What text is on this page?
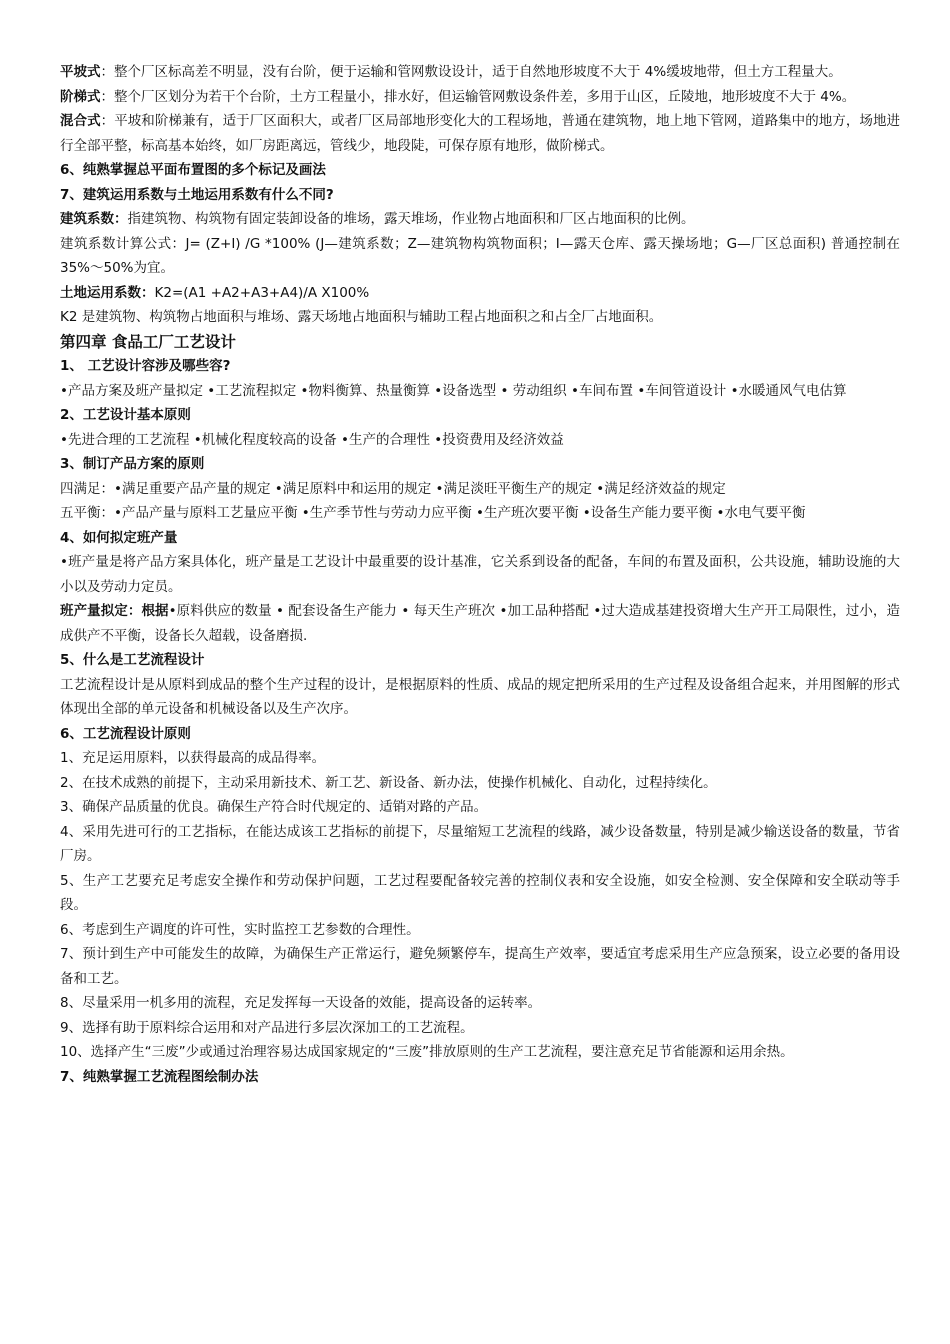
平坡式：整个厂区标高差不明显，没有台阶，便于运输和管网敷设设计，适于自然地形坡度不大于 4%缓坡地带，但土方工程量大。

阶梯式：整个厂区划分为若干个台阶，土方工程量小，排水好，但运输管网敷设条件差，多用于山区，丘陵地，地形坡度不大于 4%。

混合式：平坡和阶梯兼有，适于厂区面积大，或者厂区局部地形变化大的工程场地，普通在建筑物，地上地下管网，道路集中的地方，场地进行全部平整，标高基本始终，如厂房距离远，管线少，地段陡，可保存原有地形，做阶梯式。

6、纯熟掌握总平面布置图的多个标记及画法

7、建筑运用系数与土地运用系数有什么不同?

建筑系数：指建筑物、构筑物有固定装卸设备的堆场，露天堆场，作业物占地面积和厂区占地面积的比例。

建筑系数计算公式：J= (Z+I) /G *100% (J—建筑系数；Z—建筑物构筑物面积；I—露天仓库、露天操场地；G—厂区总面积) 普通控制在 35%～50%为宜。

土地运用系数：K2=(A1 +A2+A3+A4)/A X100%

K2 是建筑物、构筑物占地面积与堆场、露天场地占地面积与辅助工程占地面积之和占全厂占地面积。

第四章 食品工厂工艺设计

1、 工艺设计容涉及哪些容?

•产品方案及班产量拟定 •工艺流程拟定 •物料衡算、热量衡算 •设备选型 • 劳动组织 •车间布置 •车间管道设计 •水暖通风气电估算

2、工艺设计基本原则

•先进合理的工艺流程 •机械化程度较高的设备 •生产的合理性 •投资费用及经济效益

3、制订产品方案的原则

四满足：•满足重要产品产量的规定 •满足原料中和运用的规定 •满足淡旺平衡生产的规定 •满足经济效益的规定

五平衡：•产品产量与原料工艺量应平衡 •生产季节性与劳动力应平衡 •生产班次要平衡 •设备生产能力要平衡 •水电气要平衡

4、如何拟定班产量

•班产量是将产品方案具体化，班产量是工艺设计中最重要的设计基准，它关系到设备的配备，车间的布置及面积，公共设施，辅助设施的大小以及劳动力定员。

班产量拟定：根据•原料供应的数量 • 配套设备生产能力 • 每天生产班次 •加工品种搭配 •过大造成基建投资增大生产开工局限性，过小，造成供产不平衡，设备长久超载，设备磨损.

5、什么是工艺流程设计

工艺流程设计是从原料到成品的整个生产过程的设计，是根据原料的性质、成品的规定把所采用的生产过程及设备组合起来，并用图解的形式体现出全部的单元设备和机械设备以及生产次序。

6、工艺流程设计原则

1、充足运用原料，以获得最高的成品得率。

2、在技术成熟的前提下，主动采用新技术、新工艺、新设备、新办法，使操作机械化、自动化，过程持续化。

3、确保产品质量的优良。确保生产符合时代规定的、适销对路的产品。

4、采用先进可行的工艺指标，在能达成该工艺指标的前提下，尽量缩短工艺流程的线路，减少设备数量，特别是减少输送设备的数量，节省厂房。

5、生产工艺要充足考虑安全操作和劳动保护问题，工艺过程要配备较完善的控制仪表和安全设施，如安全检测、安全保障和安全联动等手段。

6、考虑到生产调度的许可性，实时监控工艺参数的合理性。

7、预计到生产中可能发生的故障，为确保生产正常运行，避免频繁停车，提高生产效率，要适宜考虑采用生产应急预案，设立必要的备用设备和工艺。

8、尽量采用一机多用的流程，充足发挥每一天设备的效能，提高设备的运转率。

9、选择有助于原料综合运用和对产品进行多层次深加工的工艺流程。

10、选择产生“三废”少或通过治理容易达成国家规定的“三废”排放原则的生产工艺流程，要注意充足节省能源和运用余热。

7、纯熟掌握工艺流程图绘制办法
